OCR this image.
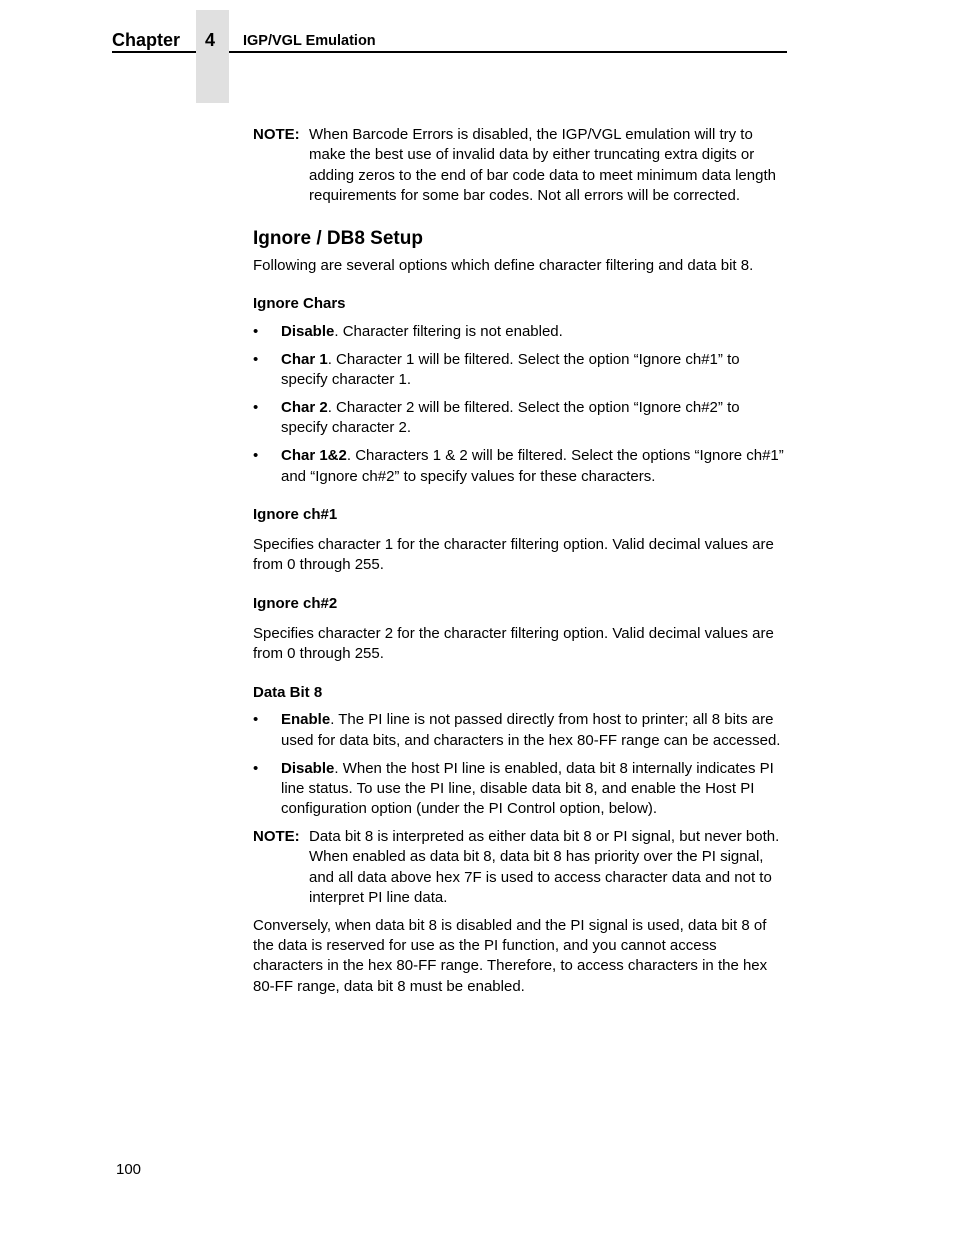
Chapter 4 IGP/VGL Emulation
NOTE: When Barcode Errors is disabled, the IGP/VGL emulation will try to make the best use of invalid data by either truncating extra digits or adding zeros to the end of bar code data to meet minimum data length requirements for some bar codes. Not all errors will be corrected.
Ignore / DB8 Setup

Following are several options which define character filtering and data bit 8.

Ignore Chars
•	Disable. Character filtering is not enabled.
•	Char 1. Character 1 will be filtered. Select the option “Ignore ch#1” to specify character 1.
•	Char 2. Character 2 will be filtered. Select the option “Ignore ch#2” to specify character 2.
•	Char 1&2. Characters 1 & 2 will be filtered. Select the options “Ignore ch#1” and “Ignore ch#2” to specify values for these characters.
Ignore ch#1

Specifies character 1 for the character filtering option. Valid decimal values are from 0 through 255.

Ignore ch#2

Specifies character 2 for the character filtering option. Valid decimal values are from 0 through 255.

Data Bit 8
•	Enable. The PI line is not passed directly from host to printer; all 8 bits are used for data bits, and characters in the hex 80-FF range can be accessed.
•	Disable. When the host PI line is enabled, data bit 8 internally indicates PI line status. To use the PI line, disable data bit 8, and enable the Host PI configuration option (under the PI Control option, below).
NOTE: Data bit 8 is interpreted as either data bit 8 or PI signal, but never both. When enabled as data bit 8, data bit 8 has priority over the PI signal, and all data above hex 7F is used to access character data and not to interpret PI line data.

Conversely, when data bit 8 is disabled and the PI signal is used, data bit 8 of the data is reserved for use as the PI function, and you cannot access characters in the hex 80-FF range. Therefore, to access characters in the hex 80-FF range, data bit 8 must be enabled.

100
